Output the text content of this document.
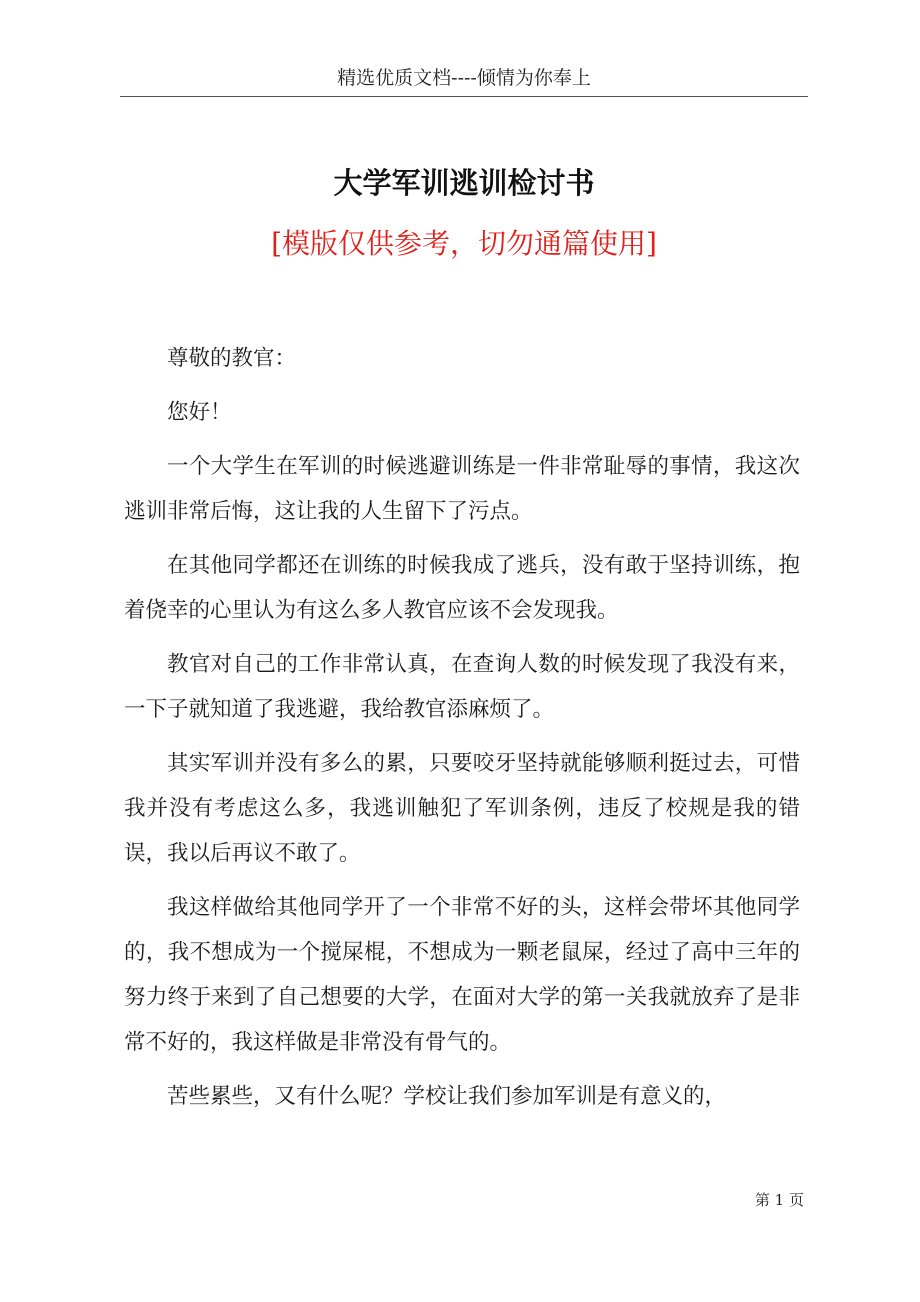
精选优质文档----倾情为你奉上
大学军训逃训检讨书
[模版仅供参考，切勿通篇使用]

尊敬的教官：

您好！

一个大学生在军训的时候逃避训练是一件非常耻辱的事情，我这次逃训非常后悔，这让我的人生留下了污点。

在其他同学都还在训练的时候我成了逃兵，没有敢于坚持训练，抱着侥幸的心里认为有这么多人教官应该不会发现我。

教官对自己的工作非常认真，在查询人数的时候发现了我没有来，一下子就知道了我逃避，我给教官添麻烦了。

其实军训并没有多么的累，只要咬牙坚持就能够顺利挺过去，可惜我并没有考虑这么多，我逃训触犯了军训条例，违反了校规是我的错误，我以后再议不敢了。

我这样做给其他同学开了一个非常不好的头，这样会带坏其他同学的，我不想成为一个搅屎棍，不想成为一颗老鼠屎，经过了高中三年的努力终于来到了自己想要的大学，在面对大学的第一关我就放弃了是非常不好的，我这样做是非常没有骨气的。

苦些累些，又有什么呢？学校让我们参加军训是有意义的，

第 1 页
